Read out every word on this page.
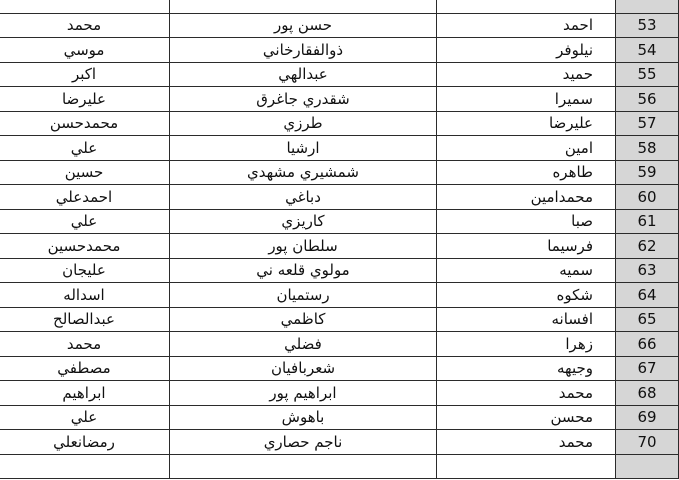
محمد	حسن پور	احمد	53
موسي	ذوالفقارخاني	نيلوفر	54
اكبر	عبدالهي	حميد	55
عليرضا	شقدري جاغرق	سميرا	56
محمدحسن	طرزي	عليرضا	57
علي	ارشيا	امين	58
حسين	شمشيري مشهدي	طاهره	59
احمدعلي	دباغي	محمدامين	60
علي	كاريزي	صبا	61
محمدحسين	سلطان پور	فرسيما	62
عليجان	مولوي قلعه ني	سميه	63
اسداله	رستميان	شكوه	64
عبدالصالح	كاظمي	افسانه	65
محمد	فضلي	زهرا	66
مصطفي	شعربافيان	وجيهه	67
ابراهيم	ابراهيم پور	محمد	68
علي	باهوش	محسن	69
رمضانعلي	ناجم حصاري	محمد	70
